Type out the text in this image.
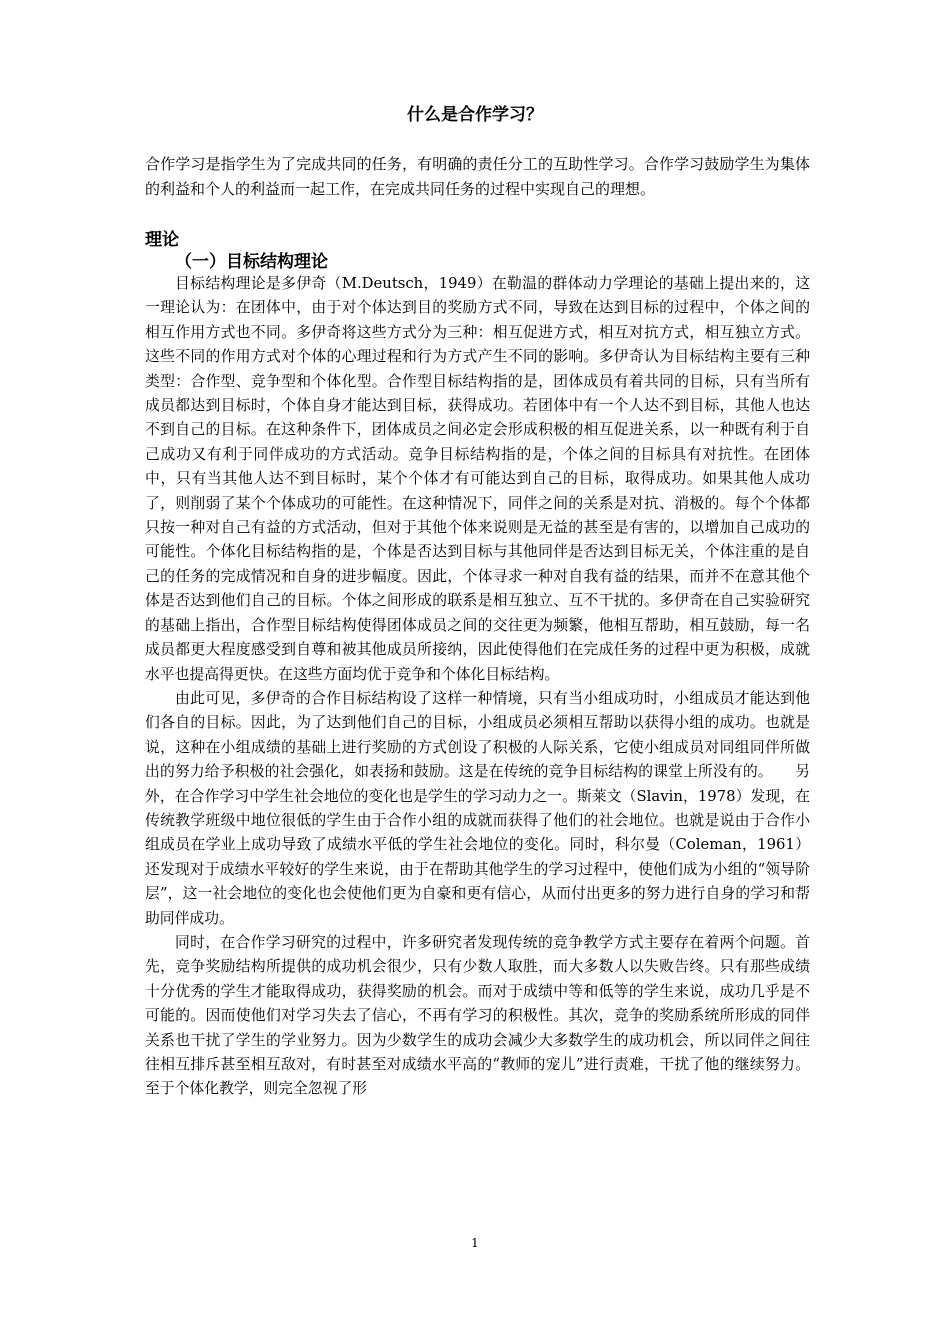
什么是合作学习？
合作学习是指学生为了完成共同的任务，有明确的责任分工的互助性学习。合作学习鼓励学生为集体的利益和个人的利益而一起工作，在完成共同任务的过程中实现自己的理想。
理论
（一）目标结构理论

目标结构理论是多伊奇（M.Deutsch，1949）在勒温的群体动力学理论的基础上提出来的，这一理论认为：在团体中，由于对个体达到目的奖励方式不同，导致在达到目标的过程中，个体之间的相互作用方式也不同。多伊奇将这些方式分为三种：相互促进方式，相互对抗方式，相互独立方式。这些不同的作用方式对个体的心理过程和行为方式产生不同的影响。多伊奇认为目标结构主要有三种类型：合作型、竞争型和个体化型。合作型目标结构指的是，团体成员有着共同的目标，只有当所有成员都达到目标时，个体自身才能达到目标，获得成功。若团体中有一个人达不到目标，其他人也达不到自己的目标。在这种条件下，团体成员之间必定会形成积极的相互促进关系，以一种既有利于自己成功又有利于同伴成功的方式活动。竞争目标结构指的是，个体之间的目标具有对抗性。在团体中，只有当其他人达不到目标时，某个个体才有可能达到自己的目标，取得成功。如果其他人成功了，则削弱了某个个体成功的可能性。在这种情况下，同伴之间的关系是对抗、消极的。每个个体都只按一种对自己有益的方式活动，但对于其他个体来说则是无益的甚至是有害的，以增加自己成功的可能性。个体化目标结构指的是，个体是否达到目标与其他同伴是否达到目标无关，个体注重的是自己的任务的完成情况和自身的进步幅度。因此，个体寻求一种对自我有益的结果，而并不在意其他个体是否达到他们自己的目标。个体之间形成的联系是相互独立、互不干扰的。多伊奇在自己实验研究的基础上指出，合作型目标结构使得团体成员之间的交往更为频繁，他相互帮助，相互鼓励，每一名成员都更大程度感受到自尊和被其他成员所接纳，因此使得他们在完成任务的过程中更为积极，成就水平也提高得更快。在这些方面均优于竞争和个体化目标结构。

由此可见，多伊奇的合作目标结构设了这样一种情境，只有当小组成功时，小组成员才能达到他们各自的目标。因此，为了达到他们自己的目标，小组成员必须相互帮助以获得小组的成功。也就是说，这种在小组成绩的基础上进行奖励的方式创设了积极的人际关系，它使小组成员对同组同伴所做出的努力给予积极的社会强化，如表扬和鼓励。这是在传统的竞争目标结构的课堂上所没有的。　　另外，在合作学习中学生社会地位的变化也是学生的学习动力之一。斯莱文（Slavin，1978）发现，在传统教学班级中地位很低的学生由于合作小组的成就而获得了他们的社会地位。也就是说由于合作小组成员在学业上成功导致了成绩水平低的学生社会地位的变化。同时，科尔曼（Coleman，1961）还发现对于成绩水平较好的学生来说，由于在帮助其他学生的学习过程中，使他们成为小组的“领导阶层”，这一社会地位的变化也会使他们更为自豪和更有信心，从而付出更多的努力进行自身的学习和帮助同伴成功。

同时，在合作学习研究的过程中，许多研究者发现传统的竞争教学方式主要存在着两个问题。首先，竞争奖励结构所提供的成功机会很少，只有少数人取胜，而大多数人以失败告终。只有那些成绩十分优秀的学生才能取得成功，获得奖励的机会。而对于成绩中等和低等的学生来说，成功几乎是不可能的。因而使他们对学习失去了信心，不再有学习的积极性。其次，竞争的奖励系统所形成的同伴关系也干扰了学生的学业努力。因为少数学生的成功会减少大多数学生的成功机会，所以同伴之间往往相互排斥甚至相互敌对，有时甚至对成绩水平高的“教师的宠儿”进行责难，干扰了他的继续努力。至于个体化教学，则完全忽视了形

1
